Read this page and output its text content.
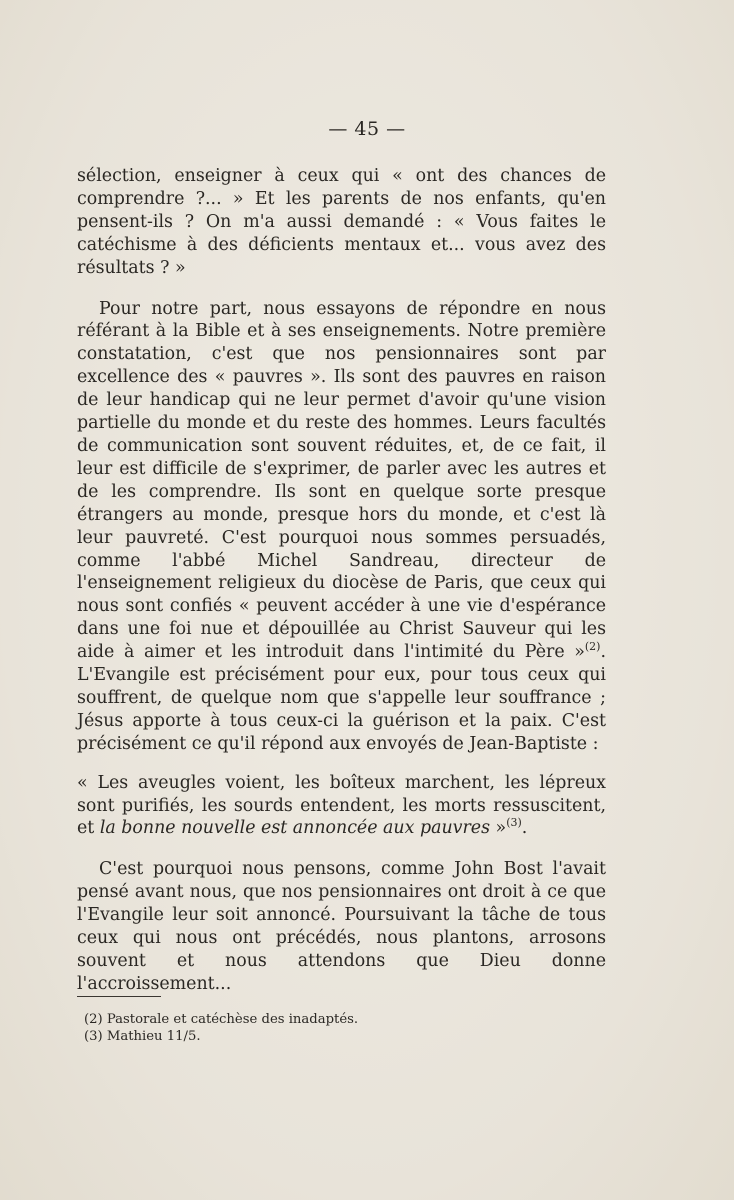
— 45 —

sélection, enseigner à ceux qui « ont des chances de comprendre ?... » Et les parents de nos enfants, qu'en pensent-ils ? On m'a aussi demandé : « Vous faites le catéchisme à des déficients mentaux et... vous avez des résultats ? »

Pour notre part, nous essayons de répondre en nous référant à la Bible et à ses enseignements. Notre première constatation, c'est que nos pensionnaires sont par excellence des « pauvres ». Ils sont des pauvres en raison de leur handicap qui ne leur permet d'avoir qu'une vision partielle du monde et du reste des hommes. Leurs facultés de communication sont souvent réduites, et, de ce fait, il leur est difficile de s'exprimer, de parler avec les autres et de les comprendre. Ils sont en quelque sorte presque étrangers au monde, presque hors du monde, et c'est là leur pauvreté. C'est pourquoi nous sommes persuadés, comme l'abbé Michel Sandreau, directeur de l'enseignement religieux du diocèse de Paris, que ceux qui nous sont confiés « peuvent accéder à une vie d'espérance dans une foi nue et dépouillée au Christ Sauveur qui les aide à aimer et les introduit dans l'intimité du Père »$^{(2)}$. L'Evangile est précisément pour eux, pour tous ceux qui souffrent, de quelque nom que s'appelle leur souffrance ; Jésus apporte à tous ceux-ci la guérison et la paix. C'est précisément ce qu'il répond aux envoyés de Jean-Baptiste :

« Les aveugles voient, les boîteux marchent, les lépreux sont purifiés, les sourds entendent, les morts ressuscitent, et la bonne nouvelle est annoncée aux pauvres »$^{(3)}$.

C'est pourquoi nous pensons, comme John Bost l'avait pensé avant nous, que nos pensionnaires ont droit à ce que l'Evangile leur soit annoncé. Poursuivant la tâche de tous ceux qui nous ont précédés, nous plantons, arrosons souvent et nous attendons que Dieu donne l'accroissement...

(2) Pastorale et catéchèse des inadaptés.
(3) Mathieu 11/5.
